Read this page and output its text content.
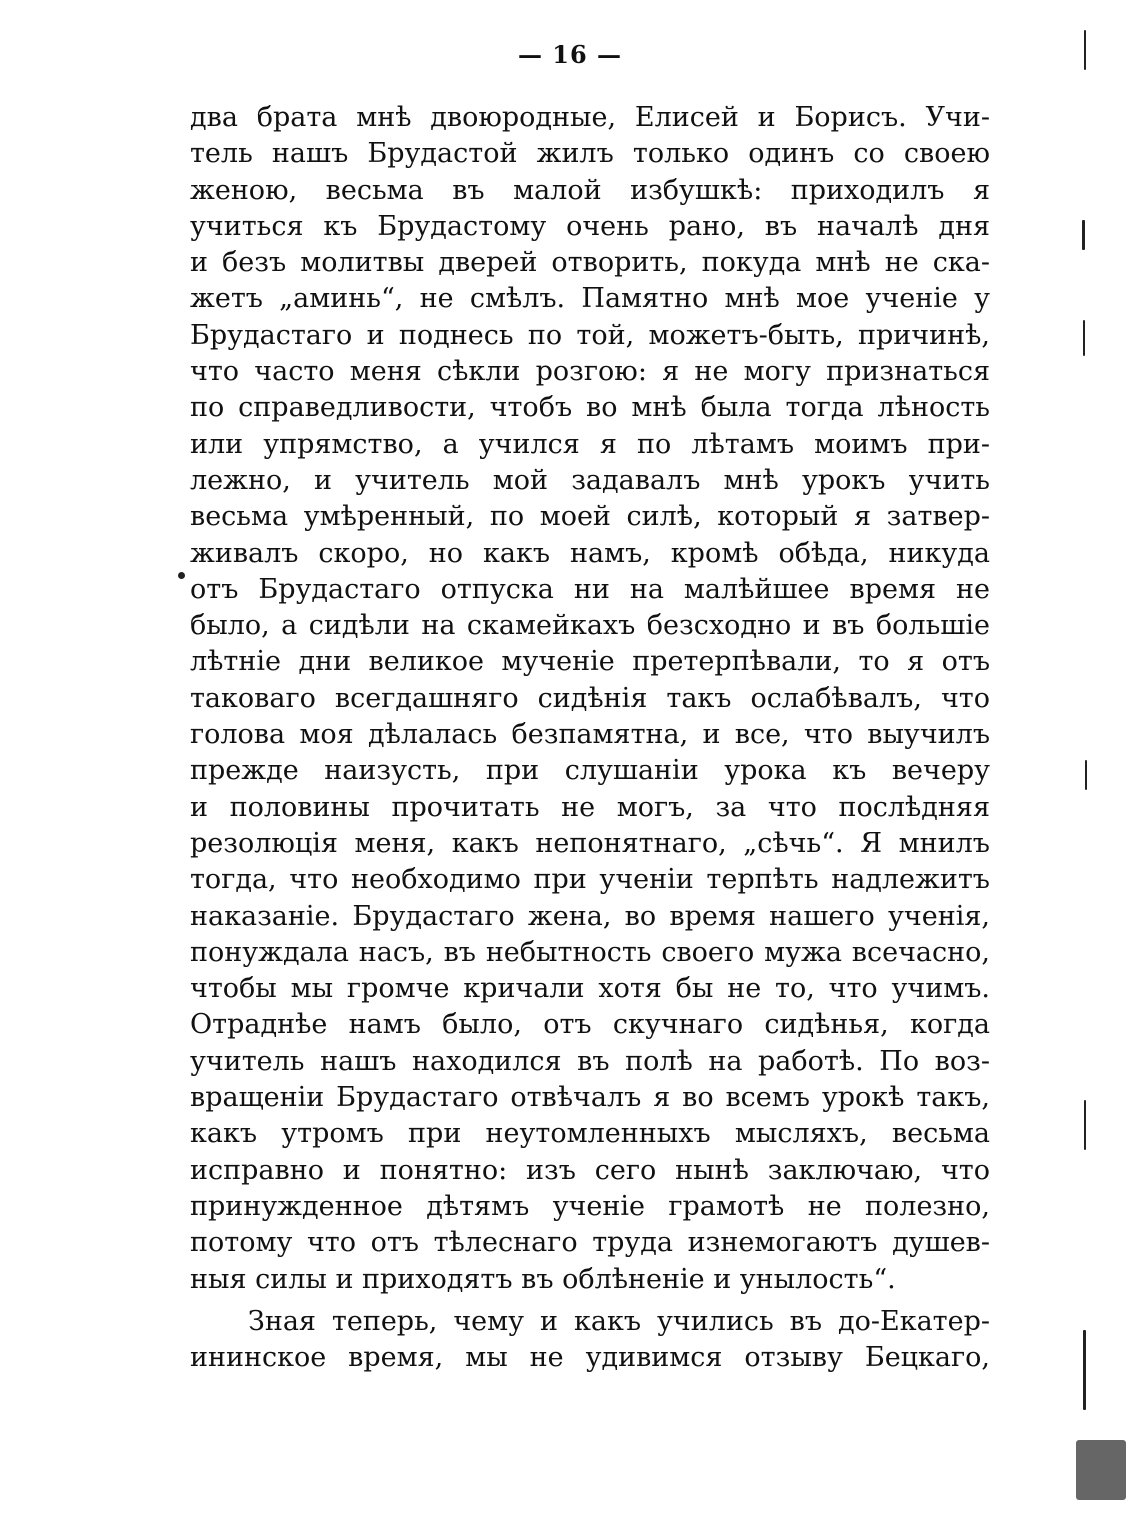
— 16 —
два брата мнѣ двоюродные, Елисей и Борисъ. Учи-
тель нашъ Брудастой жилъ только одинъ со своею
женою, весьма въ малой избушкѣ: приходилъ я
учиться къ Брудастому очень рано, въ началѣ дня
и безъ молитвы дверей отворить, покуда мнѣ не ска-
жетъ „аминь“, не смѣлъ. Памятно мнѣ мое ученіе у
Брудастаго и поднесь по той, можетъ-быть, причинѣ,
что часто меня сѣкли розгою: я не могу признаться
по справедливости, чтобъ во мнѣ была тогда лѣность
или упрямство, а учился я по лѣтамъ моимъ при-
лежно, и учитель мой задавалъ мнѣ урокъ учить
весьма умѣренный, по моей силѣ, который я затвер-
живалъ скоро, но какъ намъ, кромѣ обѣда, никуда
отъ Брудастаго отпуска ни на малѣйшее время не
было, а сидѣли на скамейкахъ безсходно и въ большіе
лѣтніе дни великое мученіе претерпѣвали, то я отъ
таковаго всегдашняго сидѣнія такъ ослабѣвалъ, что
голова моя дѣлалась безпамятна, и все, что выучилъ
прежде наизусть, при слушаніи урока къ вечеру
и половины прочитать не могъ, за что послѣдняя
резолюція меня, какъ непонятнаго, „сѣчь“. Я мнилъ
тогда, что необходимо при ученіи терпѣть надлежитъ
наказаніе. Брудастаго жена, во время нашего ученія,
понуждала насъ, въ небытность своего мужа всечасно,
чтобы мы громче кричали хотя бы не то, что учимъ.
Отраднѣе намъ было, отъ скучнаго сидѣнья, когда
учитель нашъ находился въ полѣ на работѣ. По воз-
вращеніи Брудастаго отвѣчалъ я во всемъ урокѣ такъ,
какъ утромъ при неутомленныхъ мысляхъ, весьма
исправно и понятно: изъ сего нынѣ заключаю, что
принужденное дѣтямъ ученіе грамотѣ не полезно,
потому что отъ тѣлеснаго труда изнемогаютъ душев-
ныя силы и приходятъ въ облѣненіе и унылость“.
Зная теперь, чему и какъ учились въ до-Екатер-
ининское время, мы не удивимся отзыву Бецкаго,
